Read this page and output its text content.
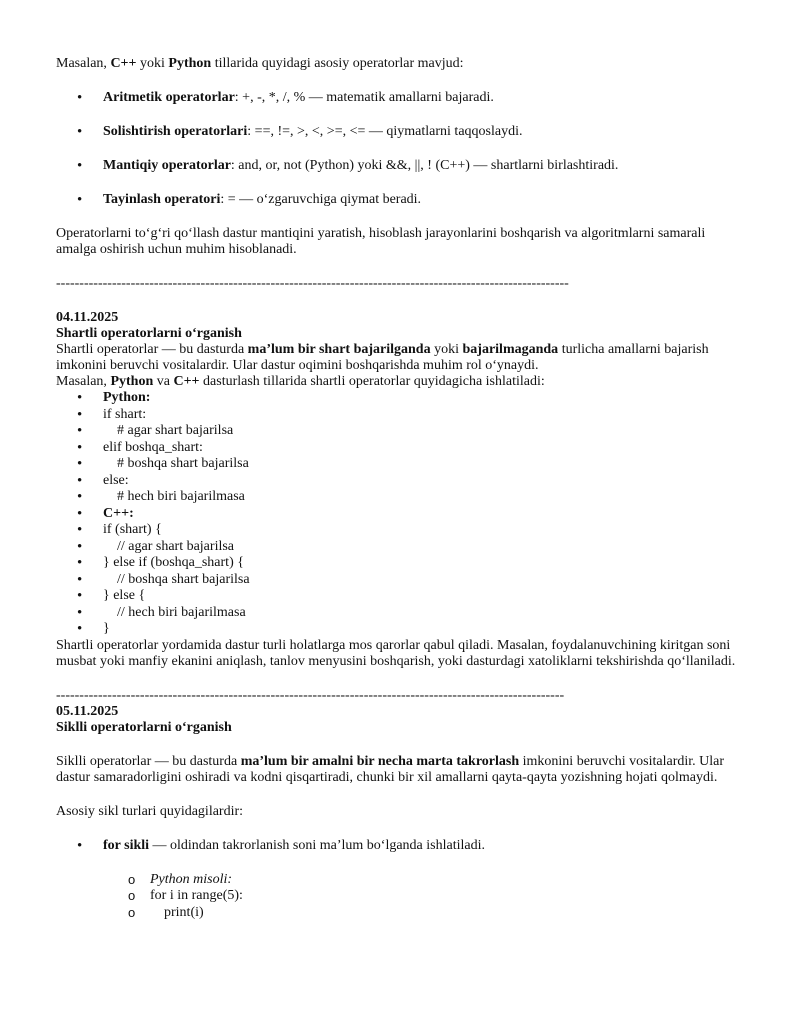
Masalan, C++ yoki Python tillarida quyidagi asosiy operatorlar mavjud:

• Aritmetik operatorlar: +, -, *, /, % — matematik amallarni bajaradi.
• Solishtirish operatorlari: ==, !=, >, <, >=, <= — qiymatlarni taqqoslaydi.
• Mantiqiy operatorlar: and, or, not (Python) yoki &&, ||, ! (C++) — shartlarni birlashtiradi.
• Tayinlash operatori: = — o‘zgaruvchiga qiymat beradi.

Operatorlarni to‘g‘ri qo‘llash dastur mantiqini yaratish, hisoblash jarayonlarini boshqarish va algoritmlarni samarali amalga oshirish uchun muhim hisoblanadi.

--------------------------------------------------------------------------------------------------------------

04.11.2025

Shartli operatorlarni o‘rganish

Shartli operatorlar — bu dasturda ma’lum bir shart bajarilganda yoki bajarilmaganda turlicha amallarni bajarish imkonini beruvchi vositalardir. Ular dastur oqimini boshqarishda muhim rol o‘ynaydi.

Masalan, Python va C++ dasturlash tillarida shartli operatorlar quyidagicha ishlatiladi:

• Python:
• if shart:
•     # agar shart bajarilsa
• elif boshqa_shart:
•     # boshqa shart bajarilsa
• else:
•     # hech biri bajarilmasa
• C++:
• if (shart) {
•     // agar shart bajarilsa
• } else if (boshqa_shart) {
•     // boshqa shart bajarilsa
• } else {
•     // hech biri bajarilmasa
• }

Shartli operatorlar yordamida dastur turli holatlarga mos qarorlar qabul qiladi. Masalan, foydalanuvchining kiritgan soni musbat yoki manfiy ekanini aniqlash, tanlov menyusini boshqarish, yoki dasturdagi xatoliklarni tekshirishda qo‘llaniladi.

-------------------------------------------------------------------------------------------------------------

05.11.2025

Siklli operatorlarni o‘rganish

Siklli operatorlar — bu dasturda ma’lum bir amalni bir necha marta takrorlash imkonini beruvchi vositalardir. Ular dastur samaradorligini oshiradi va kodni qisqartiradi, chunki bir xil amallarni qayta-qayta yozishning hojati qolmaydi.

Asosiy sikl turlari quyidagilardir:

• for sikli — oldindan takrorlanish soni ma’lum bo‘lganda ishlatiladi.
o Python misoli:
o for i in range(5):
o     print(i)
